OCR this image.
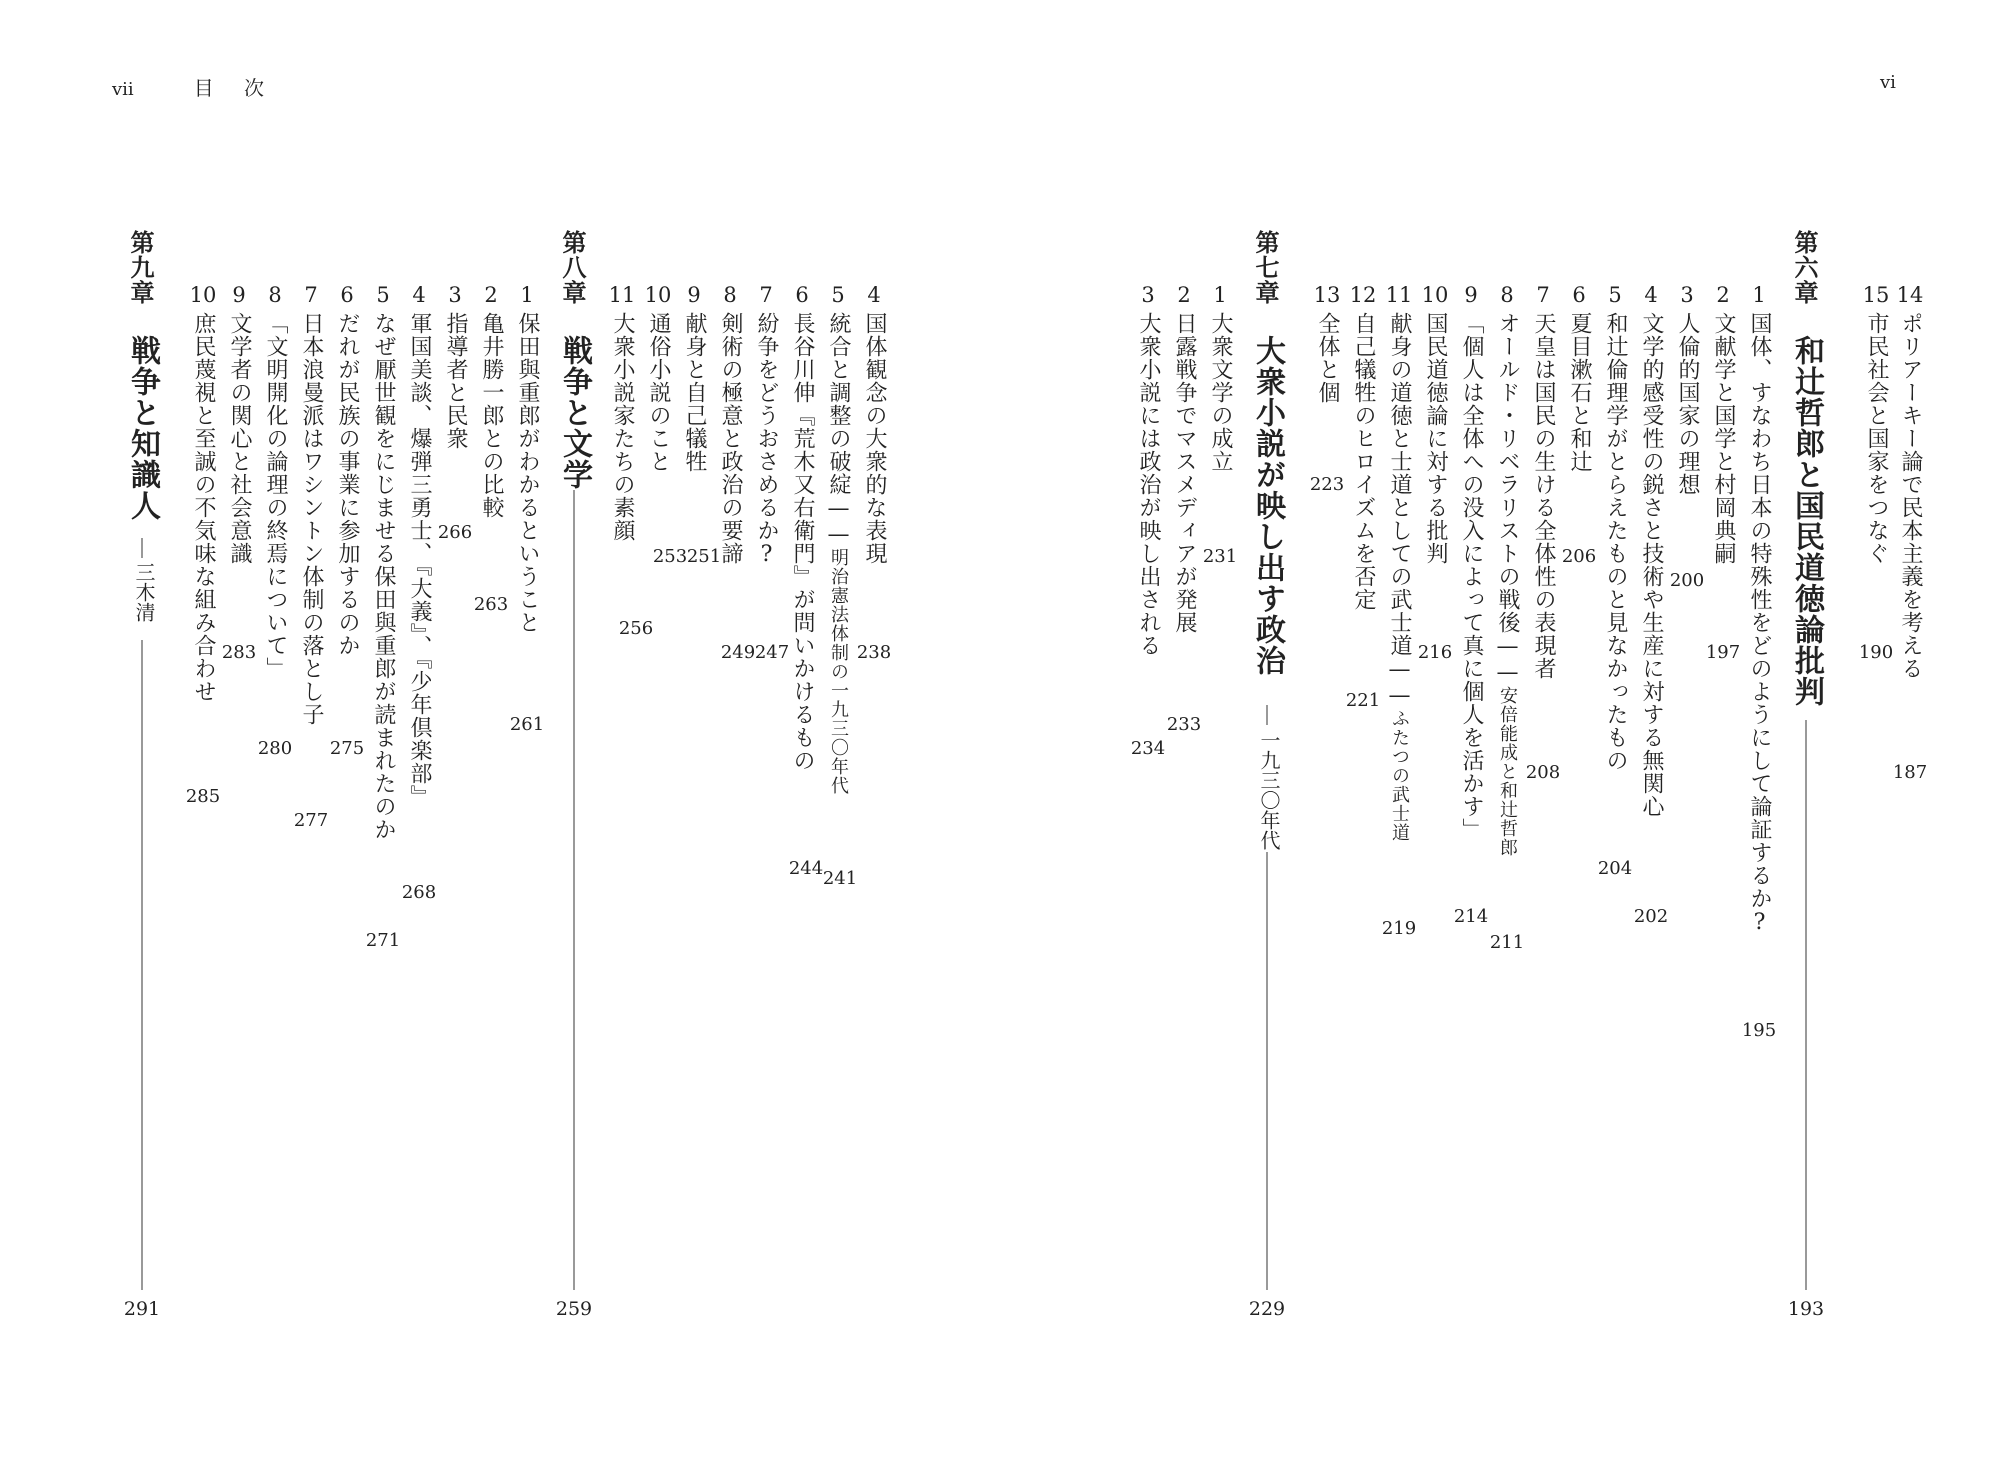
vii	目 次	vi
14
ポリアーキー論で民本主義を考える
187
15
市民社会と国家をつなぐ
190
第六章
和辻哲郎と国民道徳論批判
193
1
国体、すなわち日本の特殊性をどのようにして論証するか?
195
2
文献学と国学と村岡典嗣
197
3
人倫的国家の理想
200
4
文学的感受性の鋭さと技術や生産に対する無関心
202
5
和辻倫理学がとらえたものと見なかったもの
204
6
夏目漱石と和辻
206
7
天皇は国民の生ける全体性の表現者
208
8
オールド・リベラリストの戦後——安倍能成と和辻哲郎
211
9
「個人は全体への没入によって真に個人を活かす」
214
10
国民道徳論に対する批判
216
11
献身の道徳と士道としての武士道——ふたつの武士道
219
12
自己犠牲のヒロイズムを否定
221
13
全体と個
223
第七章
大衆小説が映し出す政治
一九三〇年代
229
1
大衆文学の成立
231
2
日露戦争でマスメディアが発展
233
3
大衆小説には政治が映し出される
234
4
国体観念の大衆的な表現
238
5
統合と調整の破綻——明治憲法体制の一九三〇年代
241
6
長谷川伸『荒木又右衛門』が問いかけるもの
244
7
紛争をどうおさめるか?
247
8
剣術の極意と政治の要諦
249
9
献身と自己犠牲
251
10
通俗小説のこと
253
11
大衆小説家たちの素顔
256
第八章
戦争と文学
259
1
保田與重郎がわかるということ
261
2
亀井勝一郎との比較
263
3
指導者と民衆
266
4
軍国美談、爆弾三勇士、『大義』、『少年倶楽部』
268
5
なぜ厭世観をにじませる保田與重郎が読まれたのか
271
6
だれが民族の事業に参加するのか
275
7
日本浪曼派はワシントン体制の落とし子
277
8
「文明開化の論理の終焉について」
280
9
文学者の関心と社会意識
283
10
庶民蔑視と至誠の不気味な組み合わせ
285
第九章
戦争と知識人
三木清
291
